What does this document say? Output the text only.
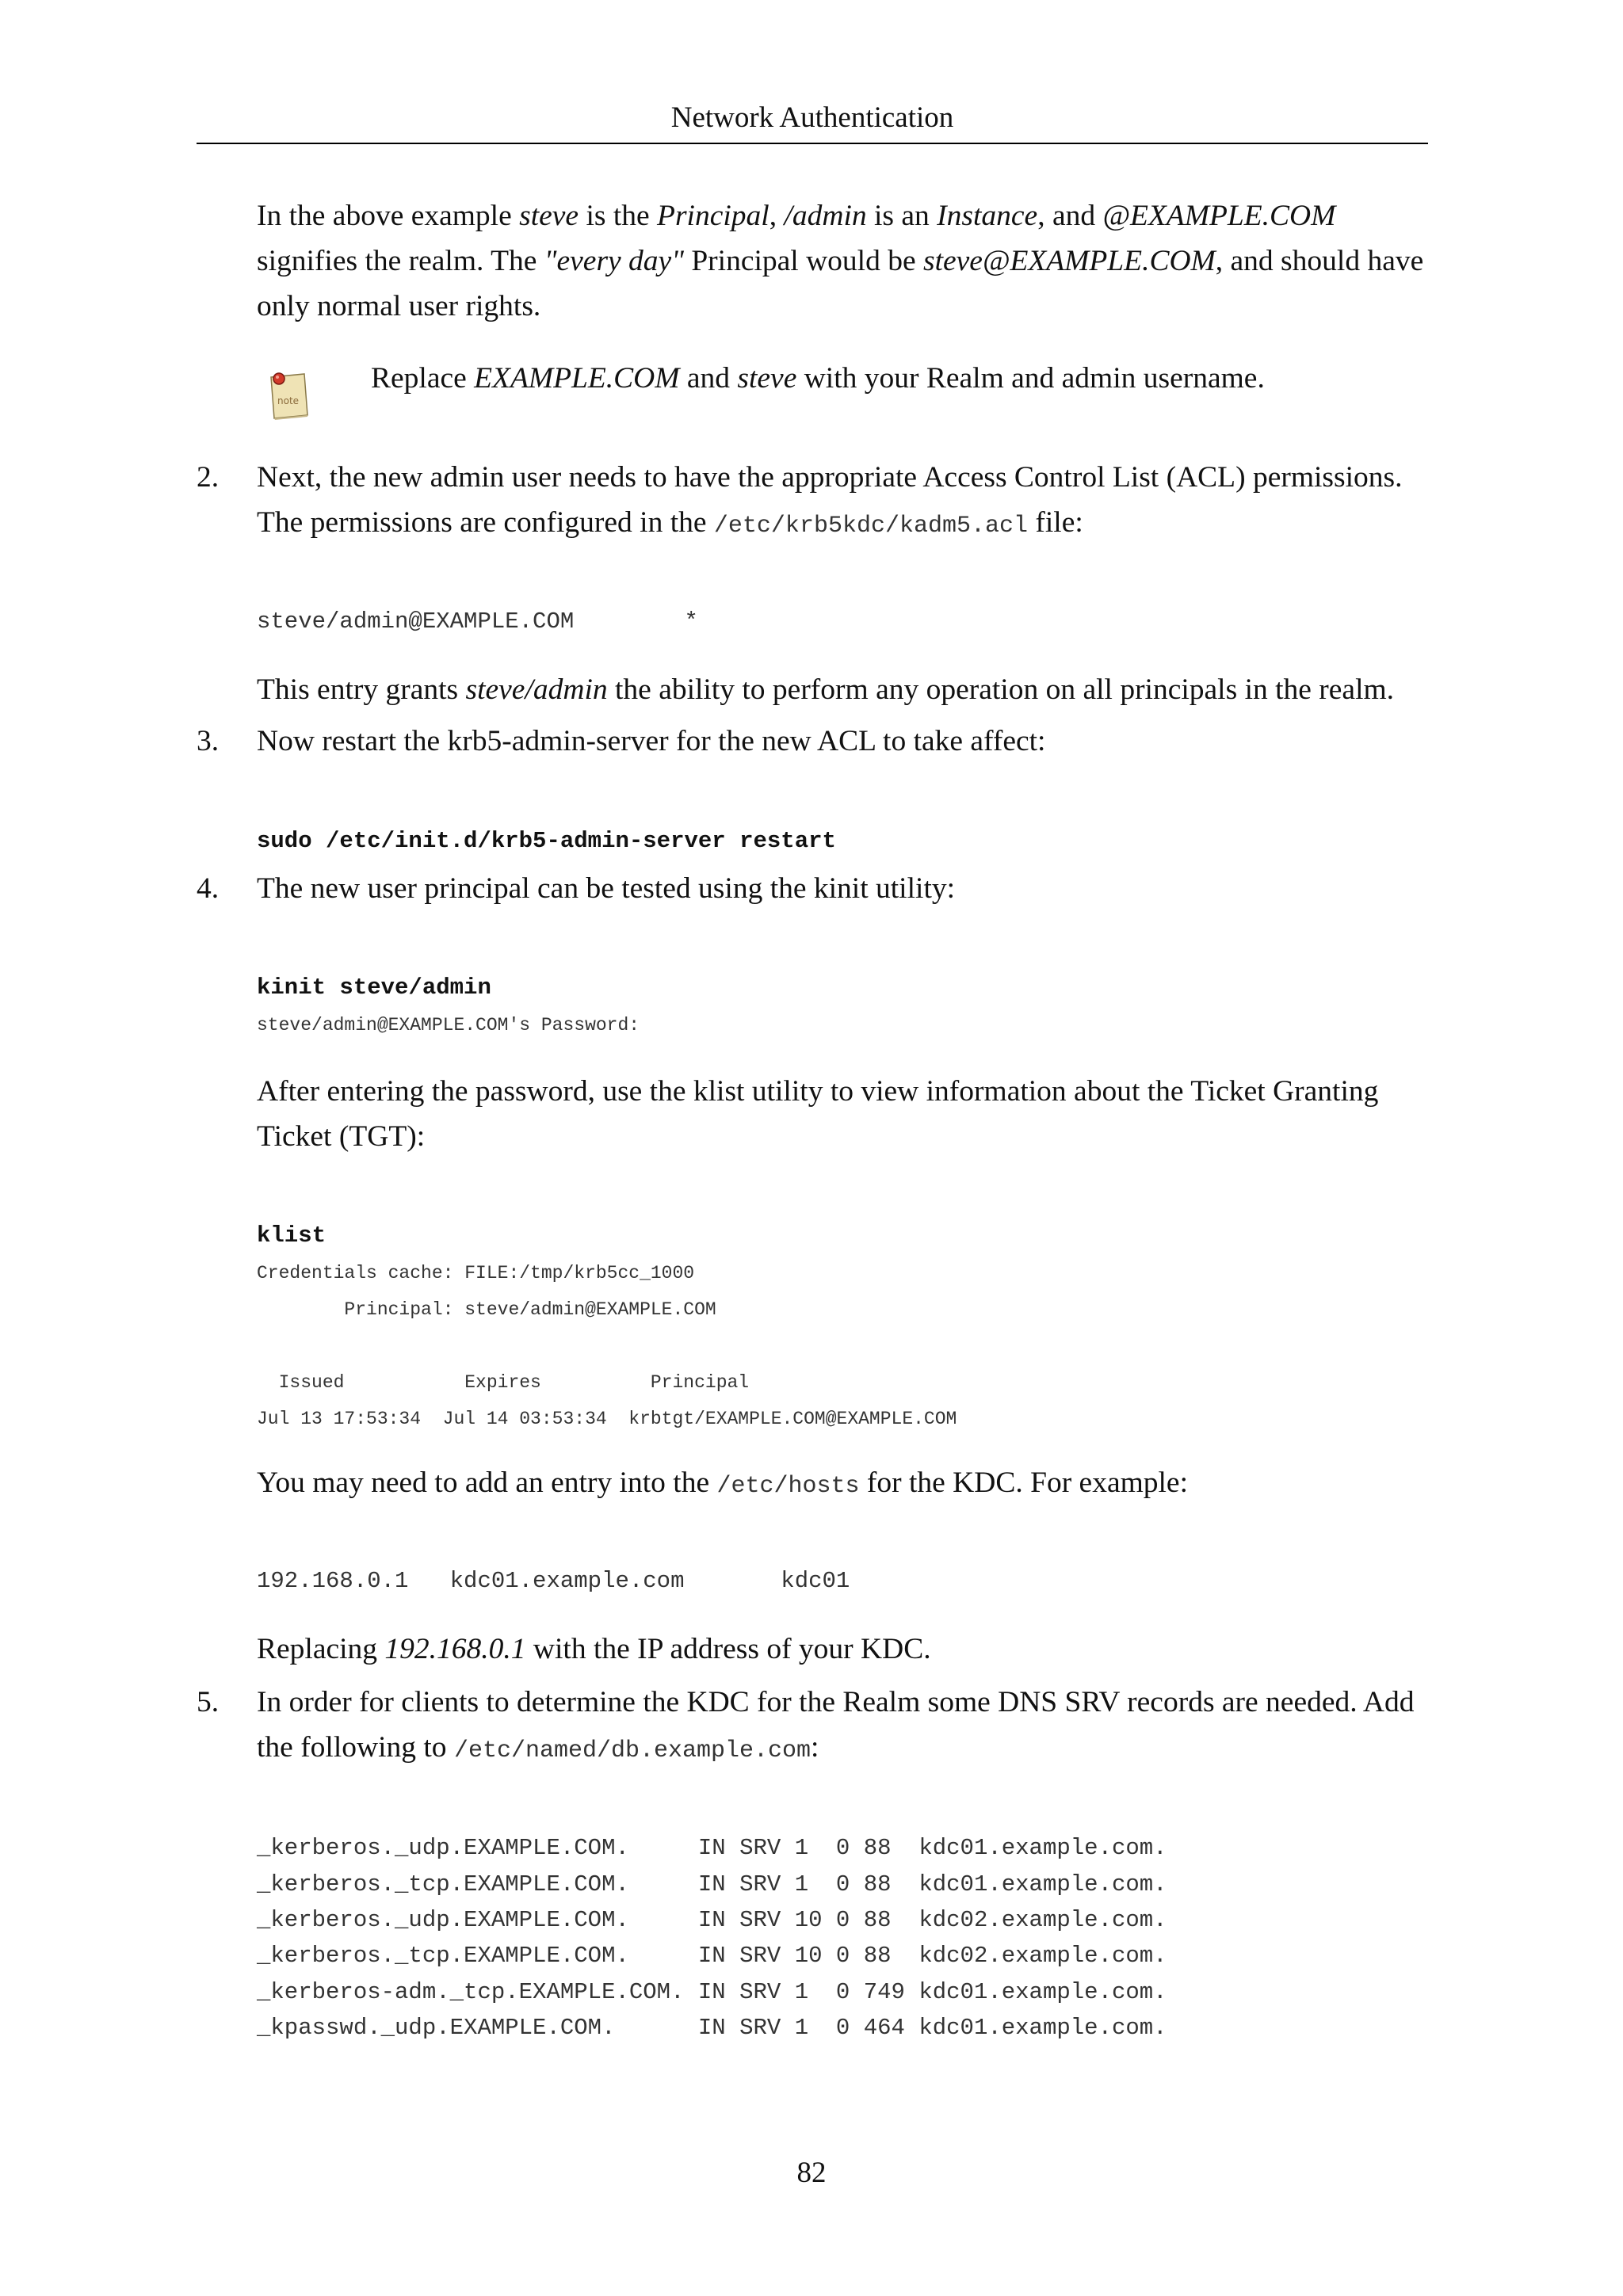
Network Authentication
In the above example steve is the Principal, /admin is an Instance, and @EXAMPLE.COM signifies the realm. The "every day" Principal would be steve@EXAMPLE.COM, and should have only normal user rights.
note
Replace EXAMPLE.COM and steve with your Realm and admin username.
2. Next, the new admin user needs to have the appropriate Access Control List (ACL) permissions. The permissions are configured in the /etc/krb5kdc/kadm5.acl file:
steve/admin@EXAMPLE.COM        *
This entry grants steve/admin the ability to perform any operation on all principals in the realm.
3. Now restart the krb5-admin-server for the new ACL to take affect:
sudo /etc/init.d/krb5-admin-server restart
4. The new user principal can be tested using the kinit utility:
kinit steve/admin
steve/admin@EXAMPLE.COM's Password:
After entering the password, use the klist utility to view information about the Ticket Granting Ticket (TGT):
klist
Credentials cache: FILE:/tmp/krb5cc_1000
Principal: steve/admin@EXAMPLE.COM
Issued           Expires          Principal
Jul 13 17:53:34  Jul 14 03:53:34  krbtgt/EXAMPLE.COM@EXAMPLE.COM
You may need to add an entry into the /etc/hosts for the KDC. For example:
192.168.0.1   kdc01.example.com       kdc01
Replacing 192.168.0.1 with the IP address of your KDC.
5. In order for clients to determine the KDC for the Realm some DNS SRV records are needed. Add the following to /etc/named/db.example.com:
_kerberos._udp.EXAMPLE.COM.     IN SRV 1  0 88  kdc01.example.com.
_kerberos._tcp.EXAMPLE.COM.     IN SRV 1  0 88  kdc01.example.com.
_kerberos._udp.EXAMPLE.COM.     IN SRV 10 0 88  kdc02.example.com.
_kerberos._tcp.EXAMPLE.COM.     IN SRV 10 0 88  kdc02.example.com.
_kerberos-adm._tcp.EXAMPLE.COM. IN SRV 1  0 749 kdc01.example.com.
_kpasswd._udp.EXAMPLE.COM.      IN SRV 1  0 464 kdc01.example.com.
82
